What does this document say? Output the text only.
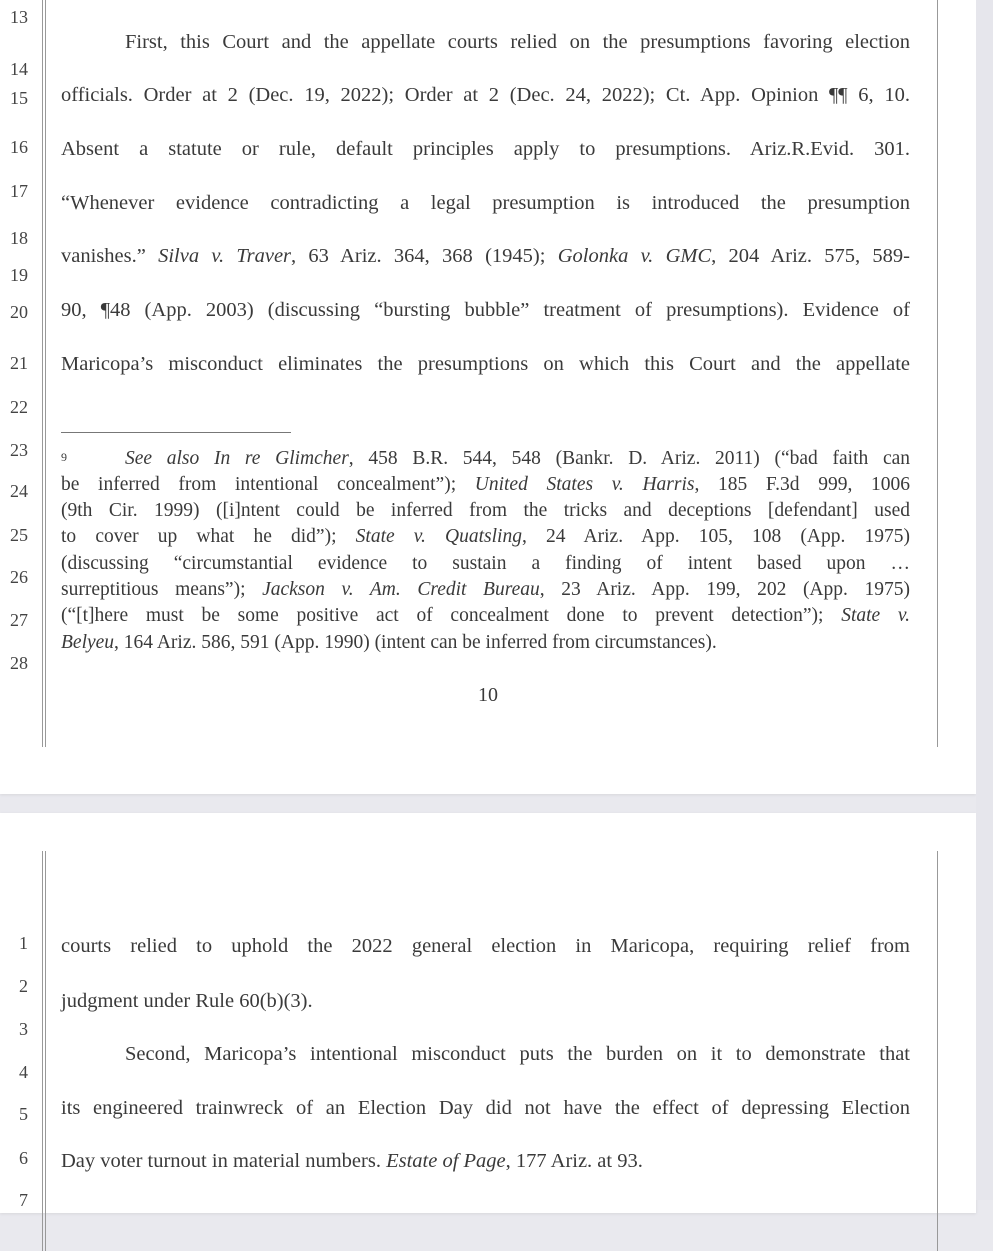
13
14
15
16
17
18
19
20
21
22
23
24
25
26
27
28
First, this Court and the appellate courts relied on the presumptions favoring election
officials. Order at 2 (Dec. 19, 2022); Order at 2 (Dec. 24, 2022); Ct. App. Opinion ¶¶ 6, 10.
Absent a statute or rule, default principles apply to presumptions. Ariz.R.Evid. 301.
“Whenever evidence contradicting a legal presumption is introduced the presumption
vanishes.” Silva v. Traver, 63 Ariz. 364, 368 (1945); Golonka v. GMC, 204 Ariz. 575, 589-
90, ¶48 (App. 2003) (discussing “bursting bubble” treatment of presumptions). Evidence of
Maricopa’s misconduct eliminates the presumptions on which this Court and the appellate
$^9$	See also In re Glimcher, 458 B.R. 544, 548 (Bankr. D. Ariz. 2011) (“bad faith can
be inferred from intentional concealment”); United States v. Harris, 185 F.3d 999, 1006
(9th Cir. 1999) ([i]ntent could be inferred from the tricks and deceptions [defendant] used
to cover up what he did”); State v. Quatsling, 24 Ariz. App. 105, 108 (App. 1975)
(discussing “circumstantial evidence to sustain a finding of intent based upon …
surreptitious means”); Jackson v. Am. Credit Bureau, 23 Ariz. App. 199, 202 (App. 1975)
(“[t]here must be some positive act of concealment done to prevent detection”); State v.
Belyeu, 164 Ariz. 586, 591 (App. 1990) (intent can be inferred from circumstances).
10
1
2
3
4
5
6
7
courts relied to uphold the 2022 general election in Maricopa, requiring relief from
judgment under Rule 60(b)(3).
Second, Maricopa’s intentional misconduct puts the burden on it to demonstrate that
its engineered trainwreck of an Election Day did not have the effect of depressing Election
Day voter turnout in material numbers. Estate of Page, 177 Ariz. at 93.
